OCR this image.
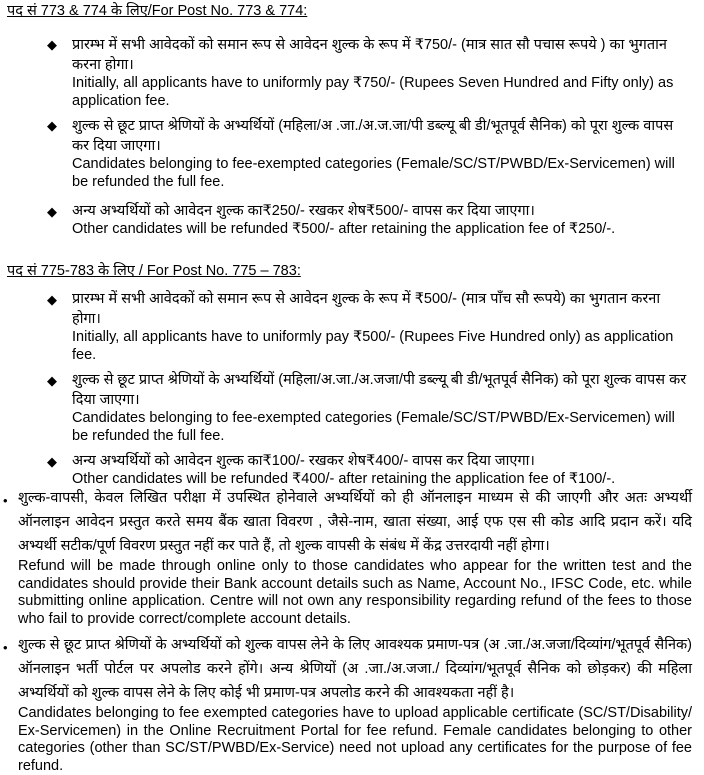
पद सं 773 & 774 के लिए/For Post No. 773 & 774:
◆ प्रारम्भ में सभी आवेदकों को समान रूप से आवेदन शुल्क के रूप में ₹750/- (मात्र सात सौ पचास रूपये ) का भुगतान करना होगा।

Initially, all applicants have to uniformly pay ₹750/- (Rupees Seven Hundred and Fifty only) as application fee.

◆ शुल्क से छूट प्राप्त श्रेणियों के अभ्यर्थियों (महिला/अ .जा./अ.ज.जा/पी डब्ल्यू बी डी/भूतपूर्व सैनिक) को पूरा शुल्क वापस कर दिया जाएगा।

Candidates belonging to fee-exempted categories (Female/SC/ST/PWBD/Ex-Servicemen) will be refunded the full fee.

◆ अन्य अभ्यर्थियों को आवेदन शुल्क का₹250/- रखकर शेष₹500/- वापस कर दिया जाएगा।

Other candidates will be refunded ₹500/- after retaining the application fee of ₹250/-.

पद सं 775-783 के लिए / For Post No. 775 – 783:
◆ प्रारम्भ में सभी आवेदकों को समान रूप से आवेदन शुल्क के रूप में ₹500/- (मात्र पाँच सौ रूपये) का भुगतान करना होगा।

Initially, all applicants have to uniformly pay ₹500/- (Rupees Five Hundred only) as application fee.

◆ शुल्क से छूट प्राप्त श्रेणियों के अभ्यर्थियों (महिला/अ.जा./अ.जजा/पी डब्ल्यू बी डी/भूतपूर्व सैनिक) को पूरा शुल्क वापस कर दिया जाएगा।

Candidates belonging to fee-exempted categories (Female/SC/ST/PWBD/Ex-Servicemen) will be refunded the full fee.

◆ अन्य अभ्यर्थियों को आवेदन शुल्क का₹100/- रखकर शेष₹400/- वापस कर दिया जाएगा।

Other candidates will be refunded ₹400/- after retaining the application fee of ₹100/-.

• शुल्क-वापसी, केवल लिखित परीक्षा में उपस्थित होनेवाले अभ्यर्थियों को ही ऑनलाइन माध्यम से की जाएगी और अतः अभ्यर्थी ऑनलाइन आवेदन प्रस्तुत करते समय बैंक खाता विवरण , जैसे-नाम, खाता संख्या, आई एफ एस सी कोड आदि प्रदान करें। यदि अभ्यर्थी सटीक/पूर्ण विवरण प्रस्तुत नहीं कर पाते हैं, तो शुल्क वापसी के संबंध में केंद्र उत्तरदायी नहीं होगा।

Refund will be made through online only to those candidates who appear for the written test and the candidates should provide their Bank account details such as Name, Account No., IFSC Code, etc. while submitting online application. Centre will not own any responsibility regarding refund of the fees to those who fail to provide correct/complete account details.

• शुल्क से छूट प्राप्त श्रेणियों के अभ्यर्थियों को शुल्क वापस लेने के लिए आवश्यक प्रमाण-पत्र (अ .जा./अ.जजा/दिव्यांग/भूतपूर्व सैनिक) ऑनलाइन भर्ती पोर्टल पर अपलोड करने होंगे। अन्य श्रेणियों (अ .जा./अ.जजा./ दिव्यांग/भूतपूर्व सैनिक को छोड़कर) की महिला अभ्यर्थियों को शुल्क वापस लेने के लिए कोई भी प्रमाण-पत्र अपलोड करने की आवश्यकता नहीं है।

Candidates belonging to fee exempted categories have to upload applicable certificate (SC/ST/Disability/ Ex-Servicemen) in the Online Recruitment Portal for fee refund. Female candidates belonging to other categories (other than SC/ST/PWBD/Ex-Service) need not upload any certificates for the purpose of fee refund.
